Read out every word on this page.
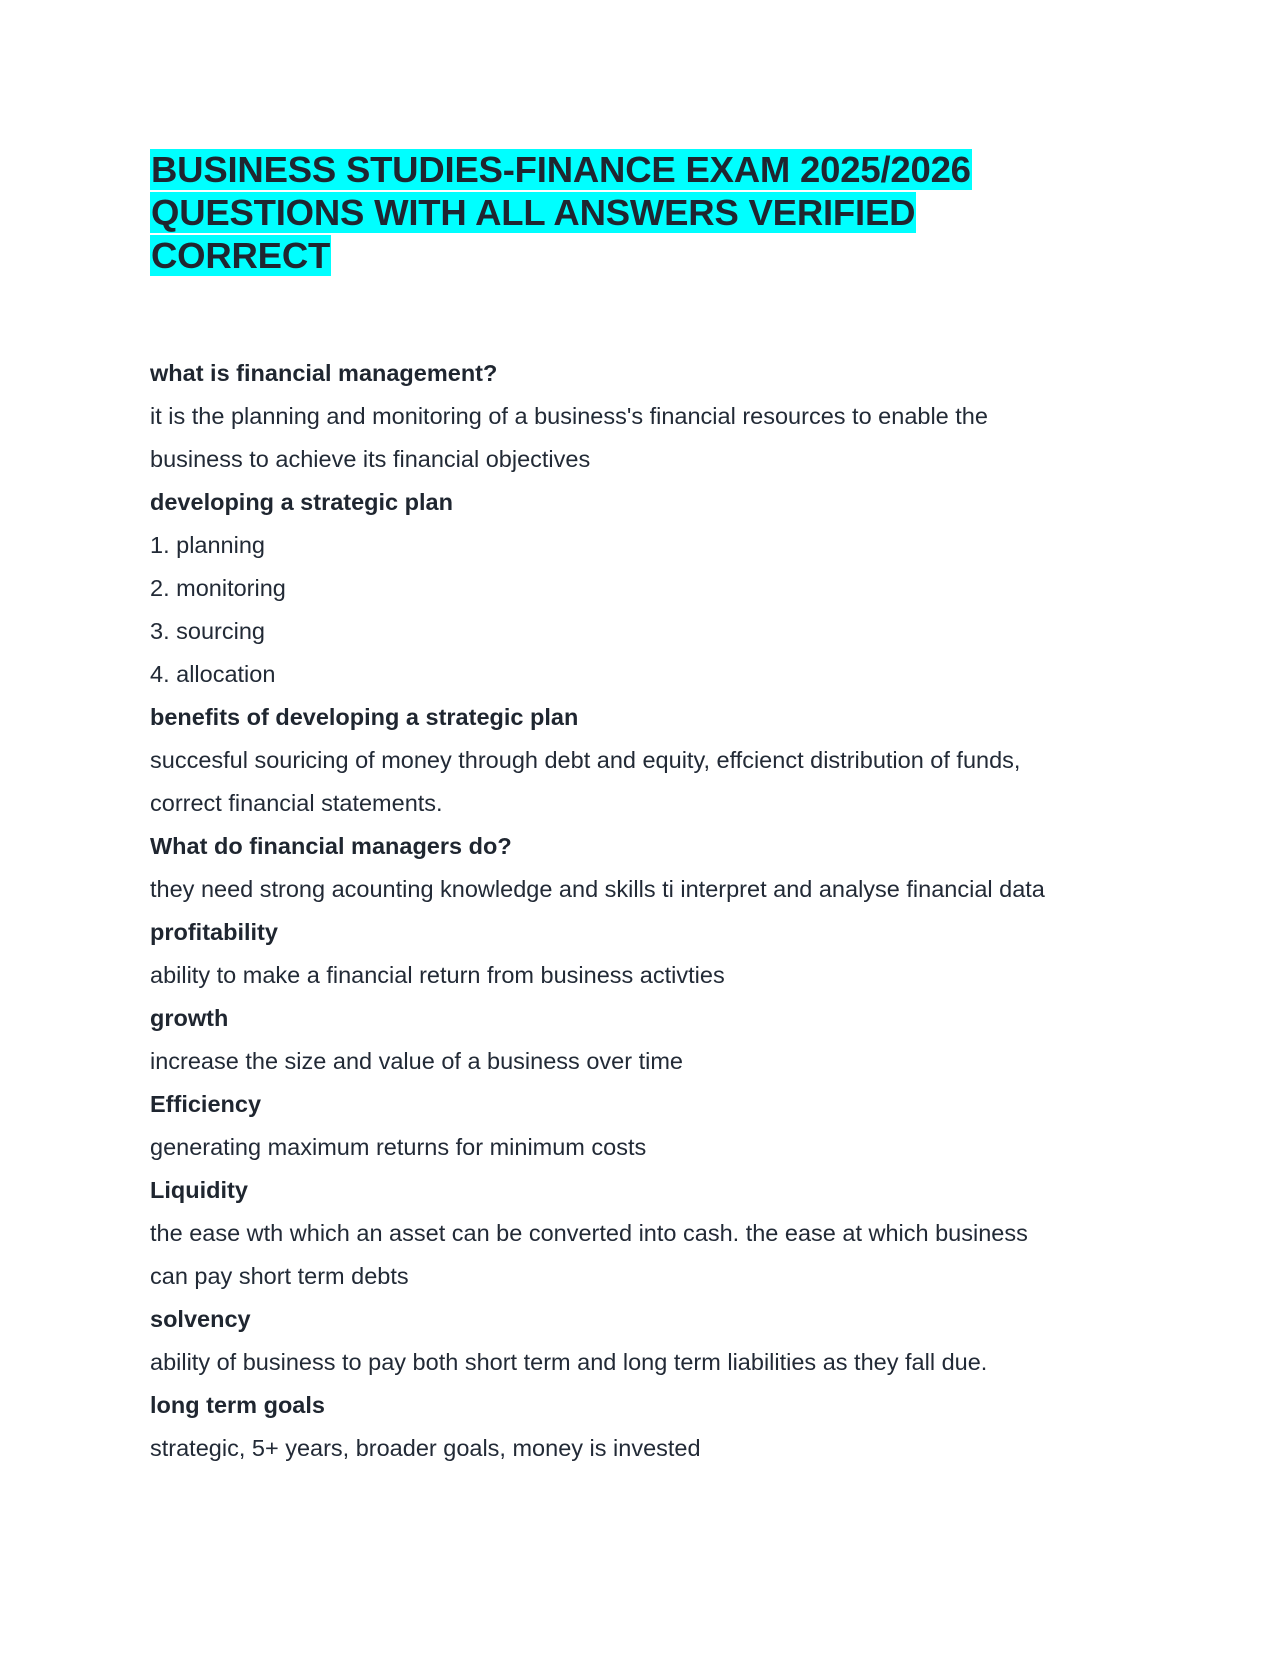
BUSINESS STUDIES-FINANCE EXAM 2025/2026
QUESTIONS WITH ALL ANSWERS VERIFIED
CORRECT

what is financial management?

it is the planning and monitoring of a business's financial resources to enable the

business to achieve its financial objectives

developing a strategic plan

1. planning

2. monitoring

3. sourcing

4. allocation

benefits of developing a strategic plan

succesful souricing of money through debt and equity, effcienct distribution of funds,

correct financial statements.

What do financial managers do?

they need strong acounting knowledge and skills ti interpret and analyse financial data

profitability

ability to make a financial return from business activties

growth

increase the size and value of a business over time

Efficiency

generating maximum returns for minimum costs

Liquidity

the ease wth which an asset can be converted into cash. the ease at which business

can pay short term debts

solvency

ability of business to pay both short term and long term liabilities as they fall due.

long term goals

strategic, 5+ years, broader goals, money is invested
